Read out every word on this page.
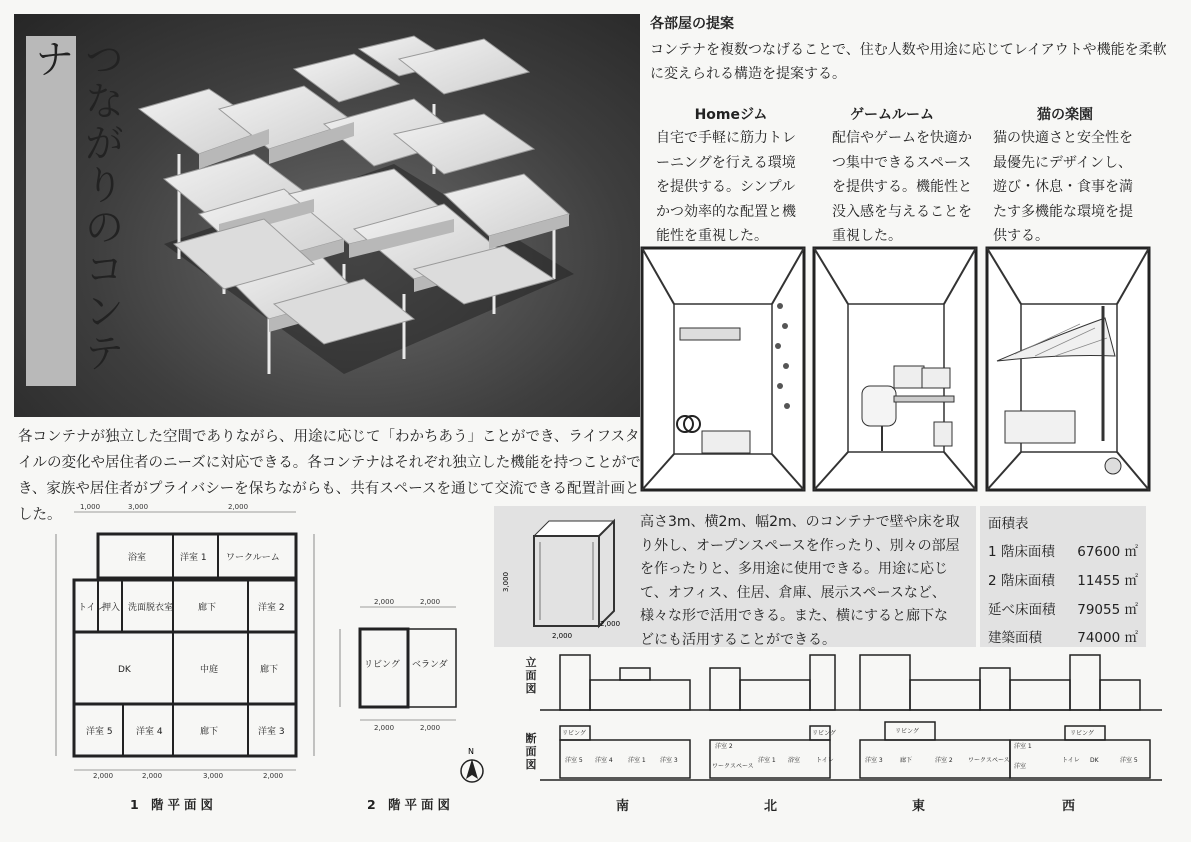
つながりのコンテナ
各部屋の提案
コンテナを複数つなげることで、住む人数や用途に応じてレイアウトや機能を柔軟に変えられる構造を提案する。
Homeジム	ゲームルーム	猫の楽園
自宅で手軽に筋力トレーニングを行える環境を提供する。シンプルかつ効率的な配置と機能性を重視した。
配信やゲームを快適かつ集中できるスペースを提供する。機能性と没入感を与えることを重視した。
猫の快適さと安全性を最優先にデザインし、遊び・休息・食事を満たす多機能な環境を提供する。
各コンテナが独立した空間でありながら、用途に応じて「わかちあう」ことができ、ライフスタイルの変化や居住者のニーズに対応できる。各コンテナはそれぞれ独立した機能を持つことができ、家族や居住者がプライバシーを保ちながらも、共有スペースを通じて交流できる配置計画とした。	1,000	3,000	2,000
2,000	2,000	3,000	2,000
浴室	洋室 1 ワークルーム
トイレ
押入 洗面脱衣室	廊下	洋室 2
DK	中庭	廊下
洋室 5	洋室 4	廊下	洋室 3
1 階平面図
2,000	2,000
2,000	2,000
リビング ベランダ
N
2 階平面図
3,000
2,000
2,000
高さ3m、横2m、幅2m、のコンテナで壁や床を取り外し、オープンスペースを作ったり、別々の部屋を作ったりと、多用途に使用できる。用途に応じて、オフィス、住居、倉庫、展示スペースなど、様々な形で活用できる。また、横にすると廊下などにも活用することができる。
面積表
1 階床面積 67600 ㎡
2 階床面積 11455 ㎡
延べ床面積 79055 ㎡
建築面積	74000 ㎡
立面図
断面図
リビング
洋室 5 洋室 4	洋室 1 洋室 3
洋室 2
ワークスペース
洋室 1 浴室	トイレ
リビング	リビング
洋室 3	廊下	洋室 2	ワークスペース
洋室 1
リビング
洋室
トイレ DK	洋室 5
南	北	東	西
